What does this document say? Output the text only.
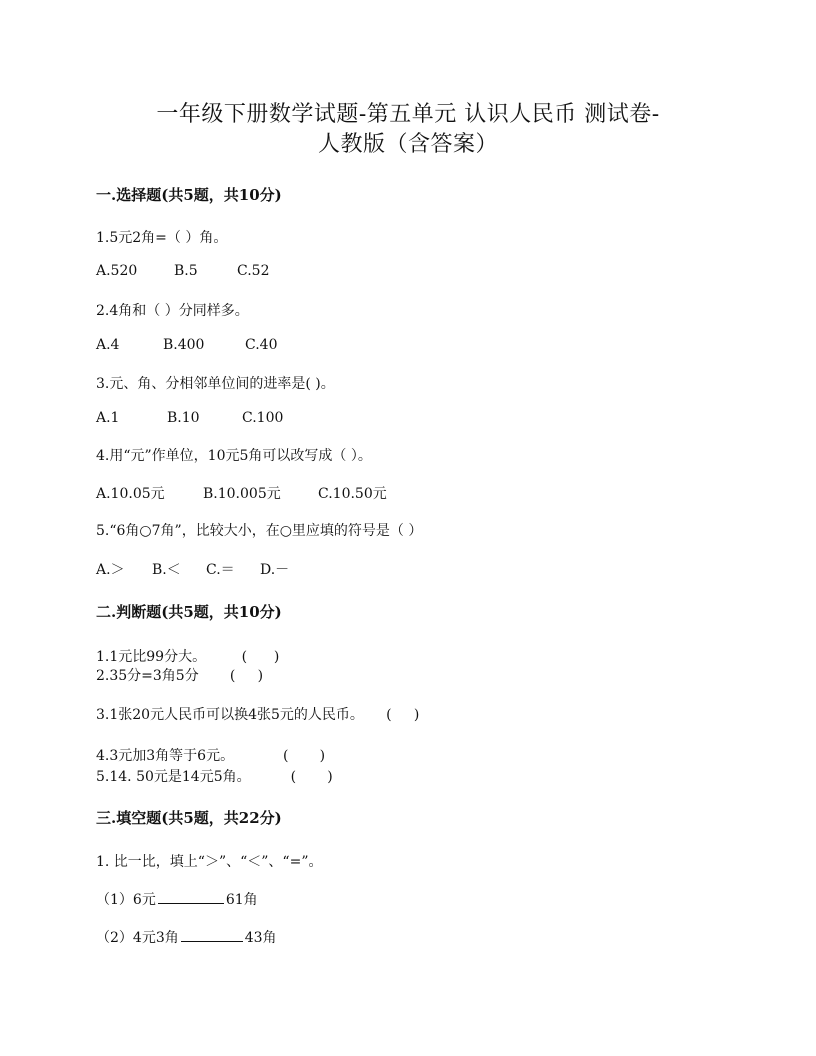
一年级下册数学试题-第五单元 认识人民币 测试卷-
人教版（含答案）
一.选择题(共5题，共10分)
1.5元2角=（ ）角。
A.520	B.5	C.52
2.4角和（ ）分同样多。
A.4	B.400	C.40
3.元、角、分相邻单位间的进率是( )。
A.1	B.10	C.100
4.用“元”作单位，10元5角可以改写成（ ）。
A.10.05元	B.10.005元	C.10.50元
5.“6角○7角”，比较大小，在○里应填的符号是（ ）
A.＞ B.＜ C.＝ D.－
二.判断题(共5题，共10分)
1.1元比99分大。        (      )
2.35分=3角5分       (     )
3.1张20元人民币可以换4张5元的人民币。     (     )
4.3元加3角等于6元。           (       )
5.14. 50元是14元5角。         (       )
三.填空题(共5题，共22分)
1. 比一比，填上“＞”、“＜”、“=”。
（1）6元	61角
（2）4元3角	43角
